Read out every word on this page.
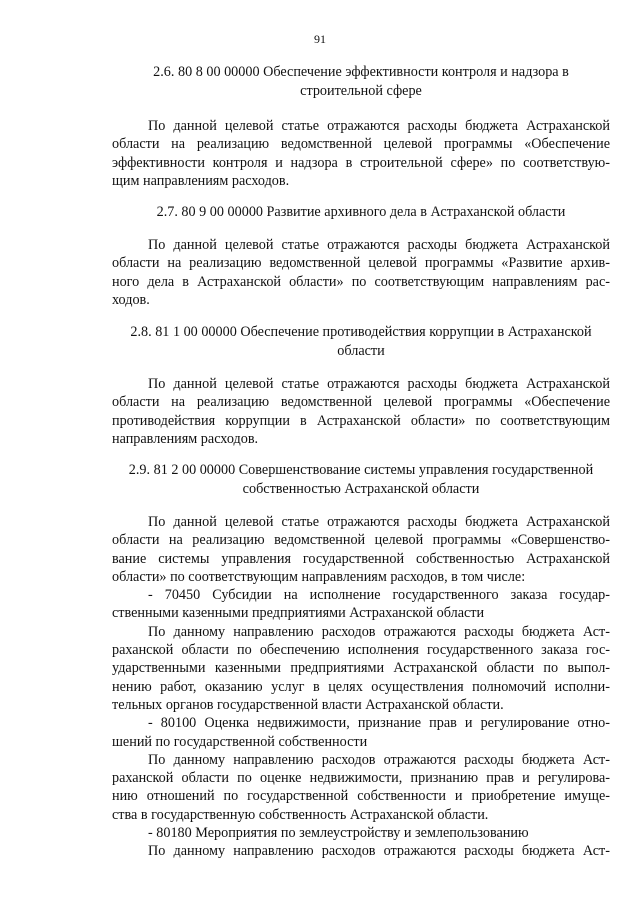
91
2.6. 80 8 00 00000 Обеспечение эффективности контроля и надзора в
строительной сфере
По данной целевой статье отражаются расходы бюджета Астраханской
области на реализацию ведомственной целевой программы «Обеспечение
эффективности контроля и надзора в строительной сфере» по соответствую-
щим направлениям расходов.
2.7. 80 9 00 00000 Развитие архивного дела в Астраханской области
По данной целевой статье отражаются расходы бюджета Астраханской
области на реализацию ведомственной целевой программы «Развитие архив-
ного дела в Астраханской области» по соответствующим направлениям рас-
ходов.
2.8. 81 1 00 00000 Обеспечение противодействия коррупции в Астраханской
области
По данной целевой статье отражаются расходы бюджета Астраханской
области на реализацию ведомственной целевой программы «Обеспечение
противодействия коррупции в Астраханской области» по соответствующим
направлениям расходов.
2.9. 81 2 00 00000 Совершенствование системы управления государственной
собственностью Астраханской области
По данной целевой статье отражаются расходы бюджета Астраханской
области на реализацию ведомственной целевой программы «Совершенство-
вание системы управления государственной собственностью Астраханской
области» по соответствующим направлениям расходов, в том числе:
- 70450 Субсидии на исполнение государственного заказа государ-
ственными казенными предприятиями Астраханской области
По данному направлению расходов отражаются расходы бюджета Аст-
раханской области по обеспечению исполнения государственного заказа гос-
ударственными казенными предприятиями Астраханской области по выпол-
нению работ, оказанию услуг в целях осуществления полномочий исполни-
тельных органов государственной власти Астраханской области.
- 80100 Оценка недвижимости, признание прав и регулирование отно-
шений по государственной собственности
По данному направлению расходов отражаются расходы бюджета Аст-
раханской области по оценке недвижимости, признанию прав и регулирова-
нию отношений по государственной собственности и приобретение имуще-
ства в государственную собственность Астраханской области.
- 80180 Мероприятия по землеустройству и землепользованию
По данному направлению расходов отражаются расходы бюджета Аст-
